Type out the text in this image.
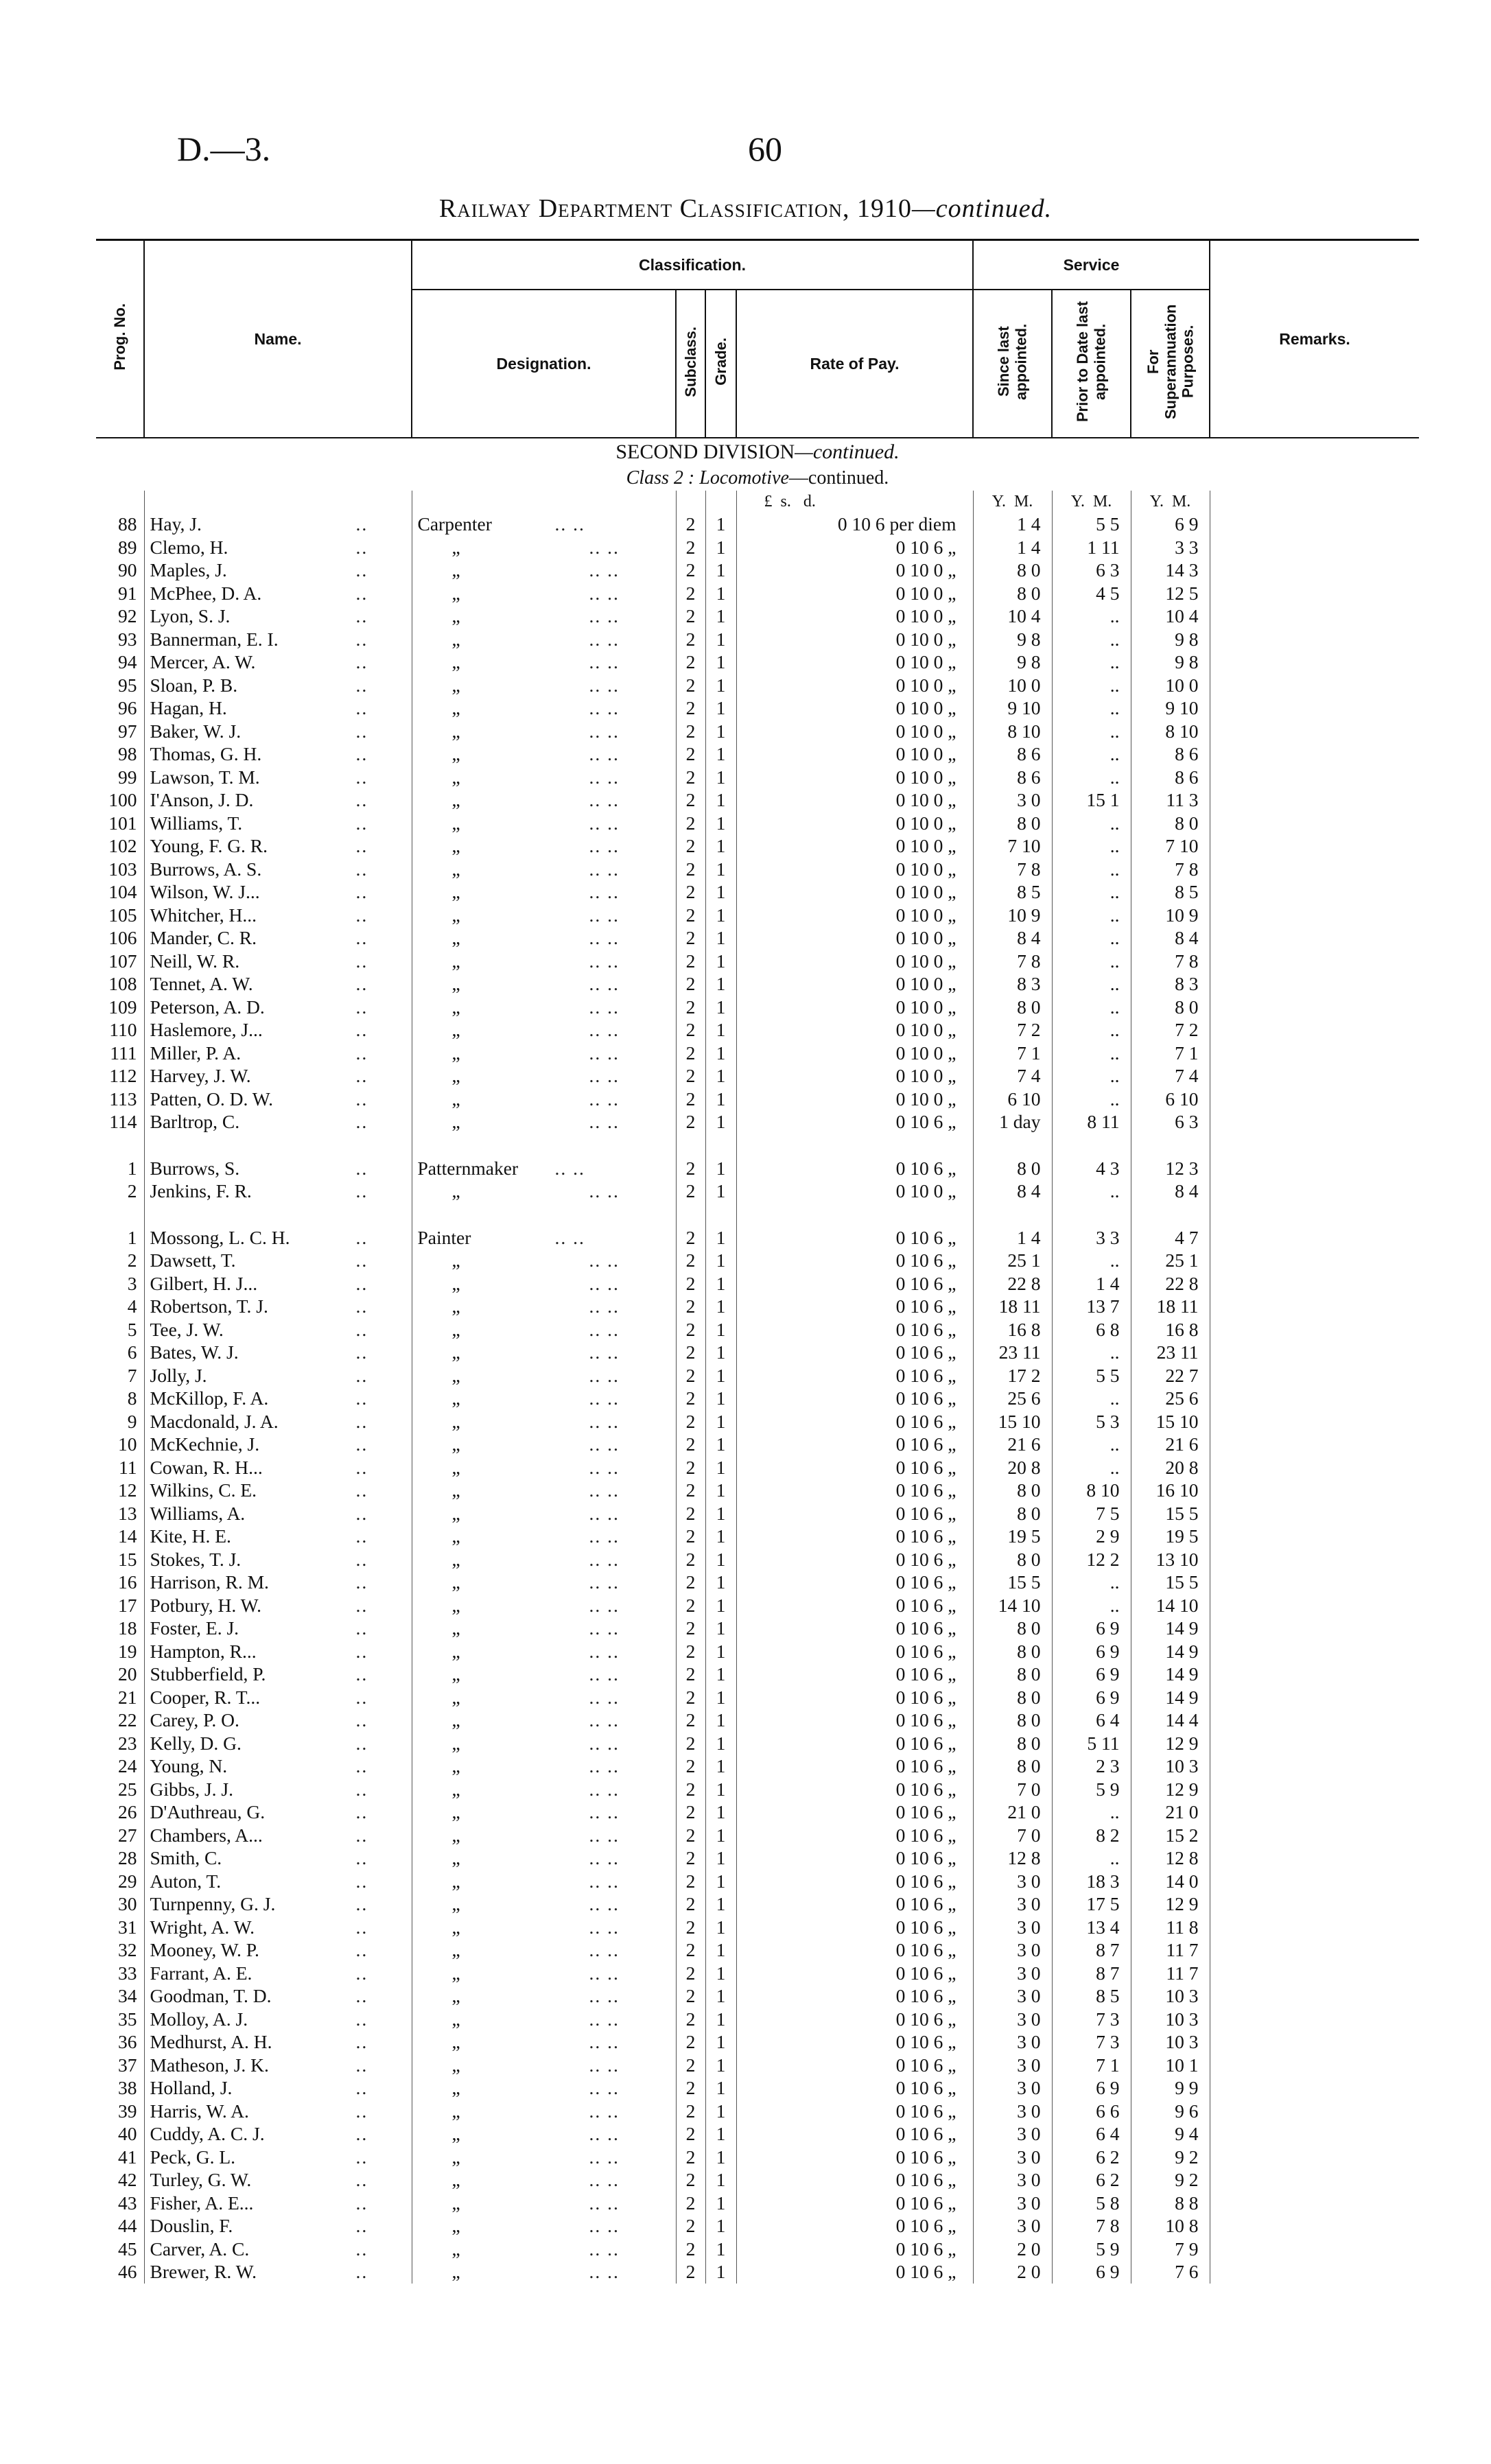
D.—3.	60
Railway Department Classification, 1910—continued.
Prog. No.	Name.	Classification.				Service			Remarks.
		Designation.	Subclass.	Grade.	Rate of Pay.	Since last appointed.	Prior to Date last appointed.	For Superannuation Purposes.	
SECOND DIVISION—continued.									
Class 2 : Locomotive—continued.									
					£ s. d.	Y. M.	Y. M.	Y. M.	
88	Hay, J. ..	Carpenter .. ..	2	1	0 10 6 per diem	1 4	5 5	6 9	
89	Clemo, H. ..	„ .. ..	2	1	0 10 6 „	1 4	1 11	3 3	
90	Maples, J. ..	„ .. ..	2	1	0 10 0 „	8 0	6 3	14 3	
91	McPhee, D. A. ..	„ .. ..	2	1	0 10 0 „	8 0	4 5	12 5	
92	Lyon, S. J. ..	„ .. ..	2	1	0 10 0 „	10 4	..	10 4	
93	Bannerman, E. I. ..	„ .. ..	2	1	0 10 0 „	9 8	..	9 8	
94	Mercer, A. W. ..	„ .. ..	2	1	0 10 0 „	9 8	..	9 8	
95	Sloan, P. B. ..	„ .. ..	2	1	0 10 0 „	10 0	..	10 0	
96	Hagan, H. ..	„ .. ..	2	1	0 10 0 „	9 10	..	9 10	
97	Baker, W. J. ..	„ .. ..	2	1	0 10 0 „	8 10	..	8 10	
98	Thomas, G. H. ..	„ .. ..	2	1	0 10 0 „	8 6	..	8 6	
99	Lawson, T. M. ..	„ .. ..	2	1	0 10 0 „	8 6	..	8 6	
100	I'Anson, J. D. ..	„ .. ..	2	1	0 10 0 „	3 0	15 1	11 3	
101	Williams, T. ..	„ .. ..	2	1	0 10 0 „	8 0	..	8 0	
102	Young, F. G. R. ..	„ .. ..	2	1	0 10 0 „	7 10	..	7 10	
103	Burrows, A. S. ..	„ .. ..	2	1	0 10 0 „	7 8	..	7 8	
104	Wilson, W. J... ..	„ .. ..	2	1	0 10 0 „	8 5	..	8 5	
105	Whitcher, H... ..	„ .. ..	2	1	0 10 0 „	10 9	..	10 9	
106	Mander, C. R. ..	„ .. ..	2	1	0 10 0 „	8 4	..	8 4	
107	Neill, W. R. ..	„ .. ..	2	1	0 10 0 „	7 8	..	7 8	
108	Tennet, A. W. ..	„ .. ..	2	1	0 10 0 „	8 3	..	8 3	
109	Peterson, A. D. ..	„ .. ..	2	1	0 10 0 „	8 0	..	8 0	
110	Haslemore, J... ..	„ .. ..	2	1	0 10 0 „	7 2	..	7 2	
111	Miller, P. A. ..	„ .. ..	2	1	0 10 0 „	7 1	..	7 1	
112	Harvey, J. W. ..	„ .. ..	2	1	0 10 0 „	7 4	..	7 4	
113	Patten, O. D. W. ..	„ .. ..	2	1	0 10 0 „	6 10	..	6 10	
114	Barltrop, C. ..	„ .. ..	2	1	0 10 6 „	1 day	8 11	6 3	

1	Burrows, S. ..	Patternmaker .. ..	2	1	0 10 6 „	8 0	4 3	12 3	
2	Jenkins, F. R. ..	„ .. ..	2	1	0 10 0 „	8 4	..	8 4	

1	Mossong, L. C. H. ..	Painter .. ..	2	1	0 10 6 „	1 4	3 3	4 7	
2	Dawsett, T. ..	„ .. ..	2	1	0 10 6 „	25 1	..	25 1	
3	Gilbert, H. J... ..	„ .. ..	2	1	0 10 6 „	22 8	1 4	22 8	
4	Robertson, T. J. ..	„ .. ..	2	1	0 10 6 „	18 11	13 7	18 11	
5	Tee, J. W. ..	„ .. ..	2	1	0 10 6 „	16 8	6 8	16 8	
6	Bates, W. J. ..	„ .. ..	2	1	0 10 6 „	23 11	..	23 11	
7	Jolly, J. ..	„ .. ..	2	1	0 10 6 „	17 2	5 5	22 7	
8	McKillop, F. A. ..	„ .. ..	2	1	0 10 6 „	25 6	..	25 6	
9	Macdonald, J. A. ..	„ .. ..	2	1	0 10 6 „	15 10	5 3	15 10	
10	McKechnie, J. ..	„ .. ..	2	1	0 10 6 „	21 6	..	21 6	
11	Cowan, R. H... ..	„ .. ..	2	1	0 10 6 „	20 8	..	20 8	
12	Wilkins, C. E. ..	„ .. ..	2	1	0 10 6 „	8 0	8 10	16 10	
13	Williams, A. ..	„ .. ..	2	1	0 10 6 „	8 0	7 5	15 5	
14	Kite, H. E. ..	„ .. ..	2	1	0 10 6 „	19 5	2 9	19 5	
15	Stokes, T. J. ..	„ .. ..	2	1	0 10 6 „	8 0	12 2	13 10	
16	Harrison, R. M. ..	„ .. ..	2	1	0 10 6 „	15 5	..	15 5	
17	Potbury, H. W. ..	„ .. ..	2	1	0 10 6 „	14 10	..	14 10	
18	Foster, E. J. ..	„ .. ..	2	1	0 10 6 „	8 0	6 9	14 9	
19	Hampton, R... ..	„ .. ..	2	1	0 10 6 „	8 0	6 9	14 9	
20	Stubberfield, P. ..	„ .. ..	2	1	0 10 6 „	8 0	6 9	14 9	
21	Cooper, R. T... ..	„ .. ..	2	1	0 10 6 „	8 0	6 9	14 9	
22	Carey, P. O. ..	„ .. ..	2	1	0 10 6 „	8 0	6 4	14 4	
23	Kelly, D. G. ..	„ .. ..	2	1	0 10 6 „	8 0	5 11	12 9	
24	Young, N. ..	„ .. ..	2	1	0 10 6 „	8 0	2 3	10 3	
25	Gibbs, J. J. ..	„ .. ..	2	1	0 10 6 „	7 0	5 9	12 9	
26	D'Authreau, G. ..	„ .. ..	2	1	0 10 6 „	21 0	..	21 0	
27	Chambers, A... ..	„ .. ..	2	1	0 10 6 „	7 0	8 2	15 2	
28	Smith, C. ..	„ .. ..	2	1	0 10 6 „	12 8	..	12 8	
29	Auton, T. ..	„ .. ..	2	1	0 10 6 „	3 0	18 3	14 0	
30	Turnpenny, G. J. ..	„ .. ..	2	1	0 10 6 „	3 0	17 5	12 9	
31	Wright, A. W. ..	„ .. ..	2	1	0 10 6 „	3 0	13 4	11 8	
32	Mooney, W. P. ..	„ .. ..	2	1	0 10 6 „	3 0	8 7	11 7	
33	Farrant, A. E. ..	„ .. ..	2	1	0 10 6 „	3 0	8 7	11 7	
34	Goodman, T. D. ..	„ .. ..	2	1	0 10 6 „	3 0	8 5	10 3	
35	Molloy, A. J. ..	„ .. ..	2	1	0 10 6 „	3 0	7 3	10 3	
36	Medhurst, A. H. ..	„ .. ..	2	1	0 10 6 „	3 0	7 3	10 3	
37	Matheson, J. K. ..	„ .. ..	2	1	0 10 6 „	3 0	7 1	10 1	
38	Holland, J. ..	„ .. ..	2	1	0 10 6 „	3 0	6 9	9 9	
39	Harris, W. A. ..	„ .. ..	2	1	0 10 6 „	3 0	6 6	9 6	
40	Cuddy, A. C. J. ..	„ .. ..	2	1	0 10 6 „	3 0	6 4	9 4	
41	Peck, G. L. ..	„ .. ..	2	1	0 10 6 „	3 0	6 2	9 2	
42	Turley, G. W. ..	„ .. ..	2	1	0 10 6 „	3 0	6 2	9 2	
43	Fisher, A. E... ..	„ .. ..	2	1	0 10 6 „	3 0	5 8	8 8	
44	Douslin, F. ..	„ .. ..	2	1	0 10 6 „	3 0	7 8	10 8	
45	Carver, A. C. ..	„ .. ..	2	1	0 10 6 „	2 0	5 9	7 9	
46	Brewer, R. W. ..	„ .. ..	2	1	0 10 6 „	2 0	6 9	7 6	
